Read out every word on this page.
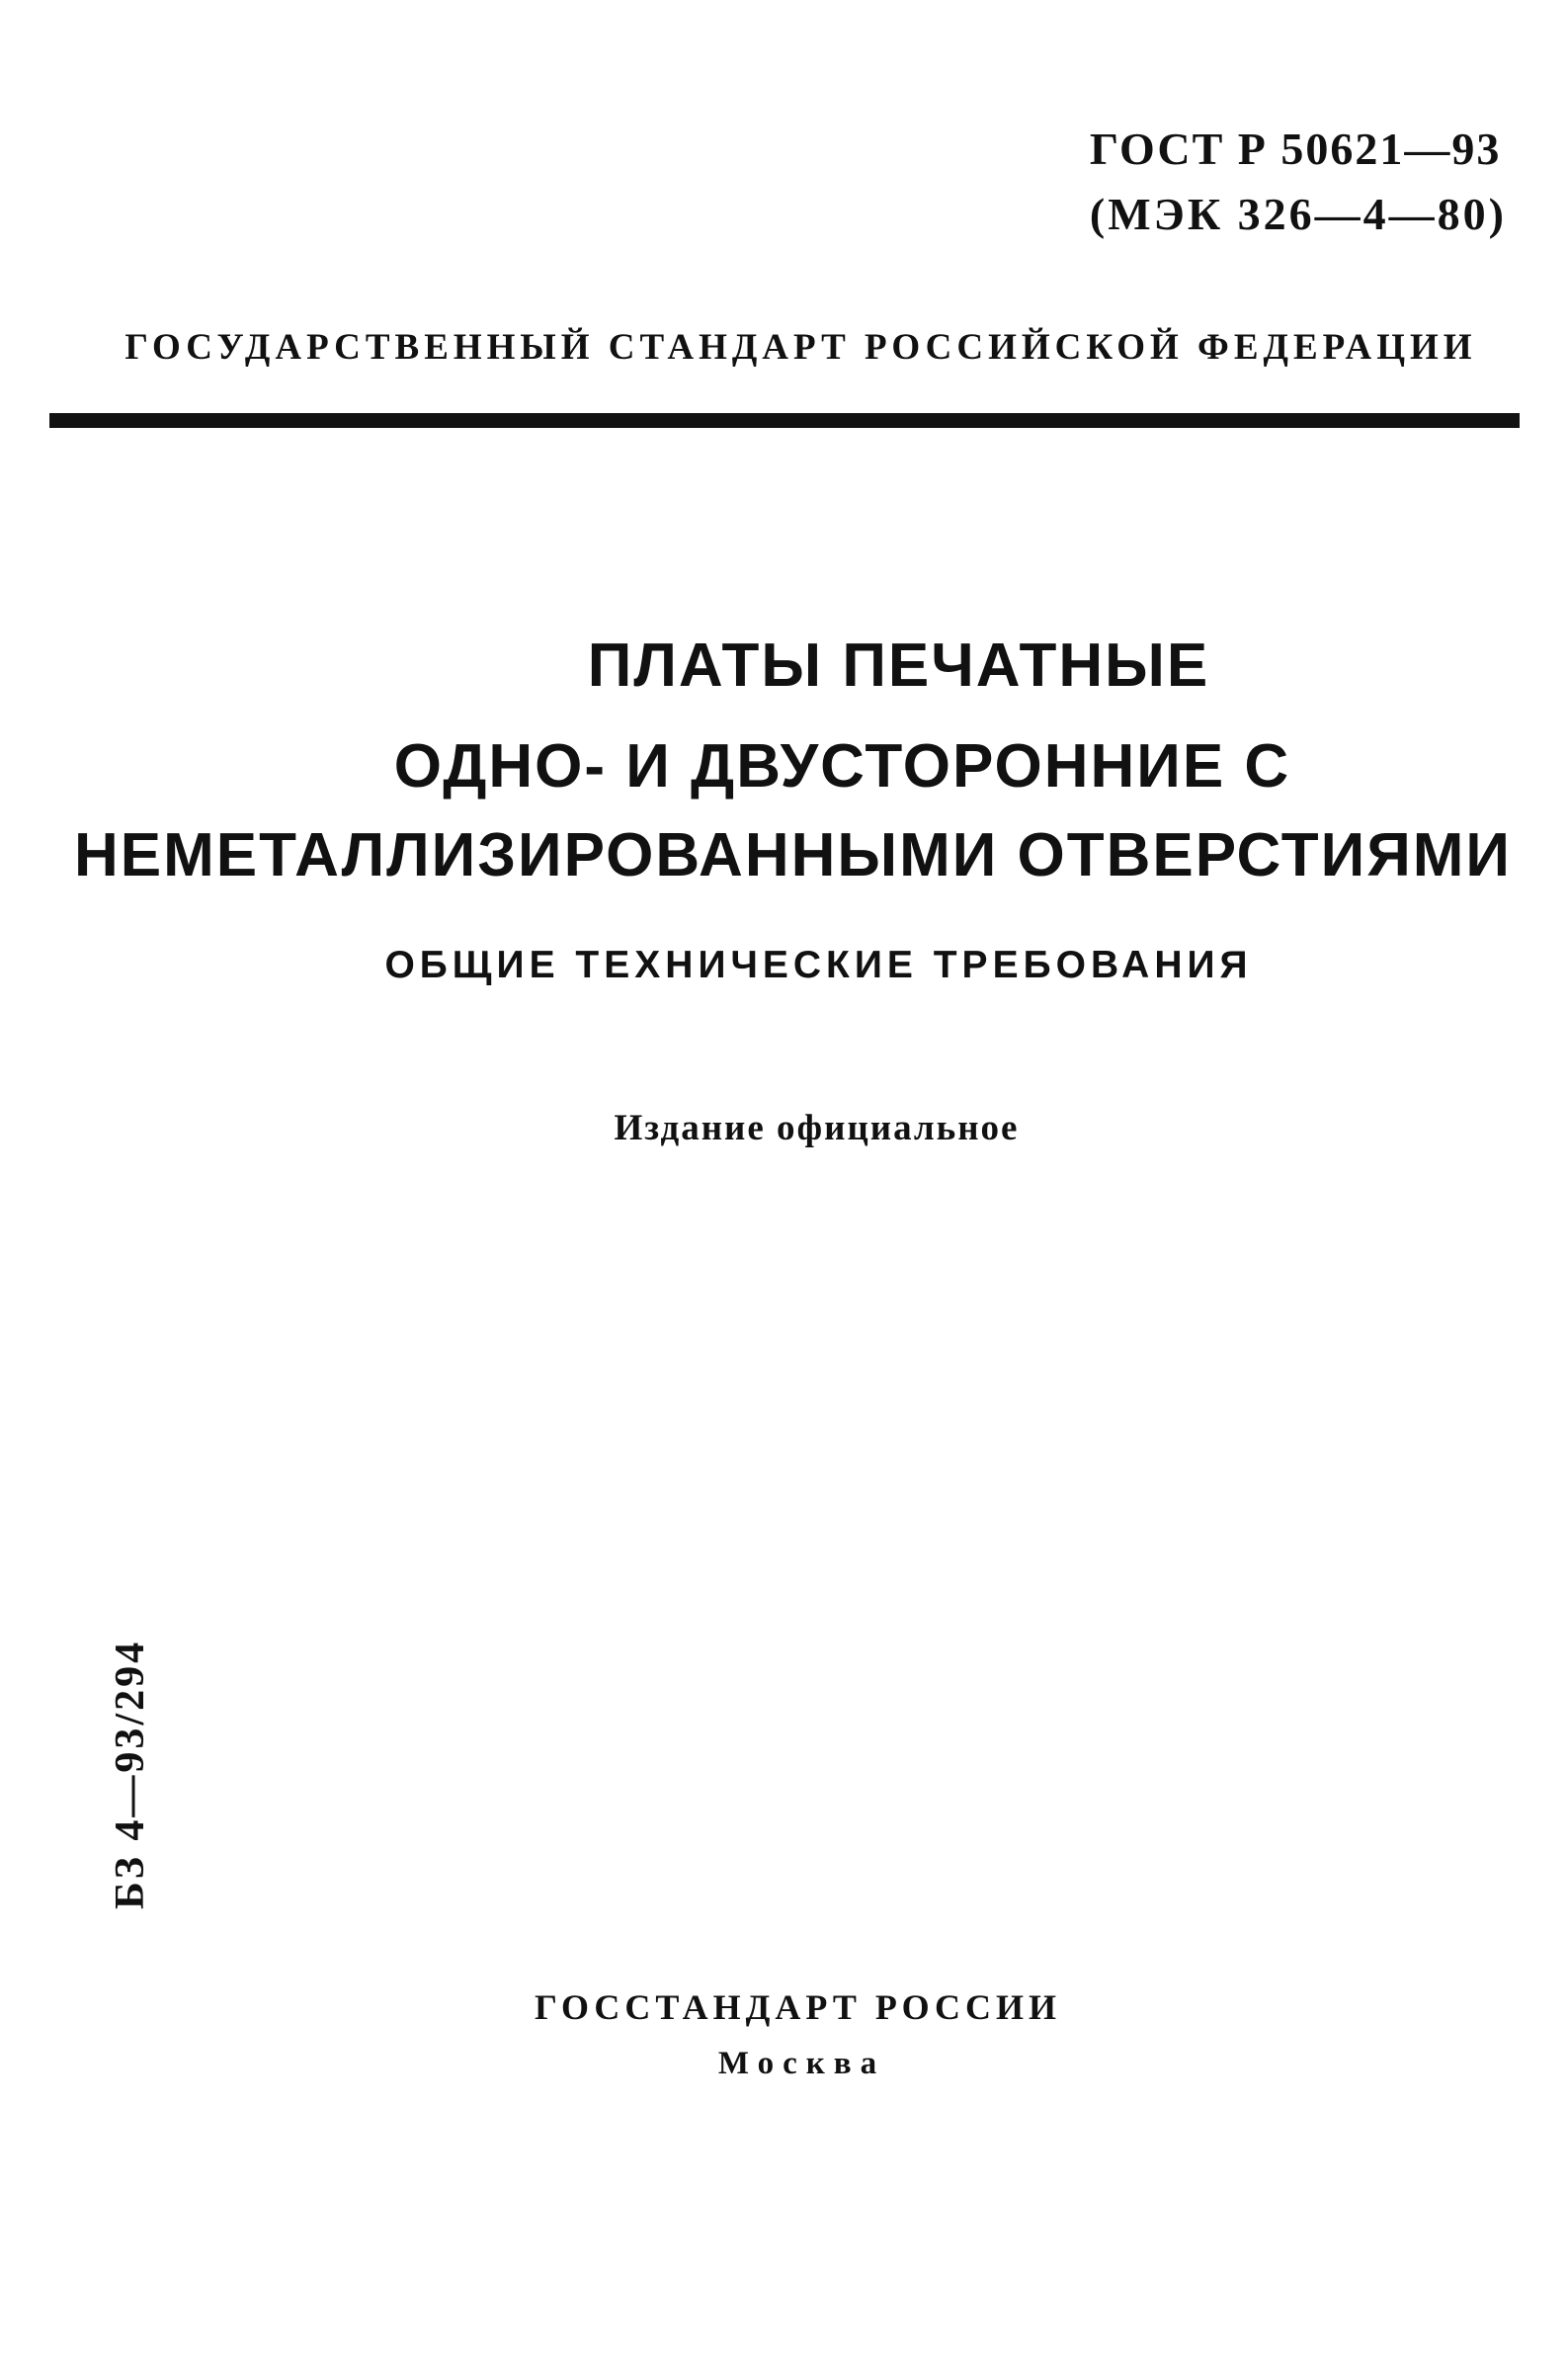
ГОСТ Р 50621—93
(МЭК 326—4—80)
ГОСУДАРСТВЕННЫЙ СТАНДАРТ РОССИЙСКОЙ ФЕДЕРАЦИИ
ПЛАТЫ ПЕЧАТНЫЕ
ОДНО- И ДВУСТОРОННИЕ С
НЕМЕТАЛЛИЗИРОВАННЫМИ ОТВЕРСТИЯМИ
ОБЩИЕ ТЕХНИЧЕСКИЕ ТРЕБОВАНИЯ
Издание официальное
БЗ 4—93/294
ГОССТАНДАРТ РОССИИ
Москва
